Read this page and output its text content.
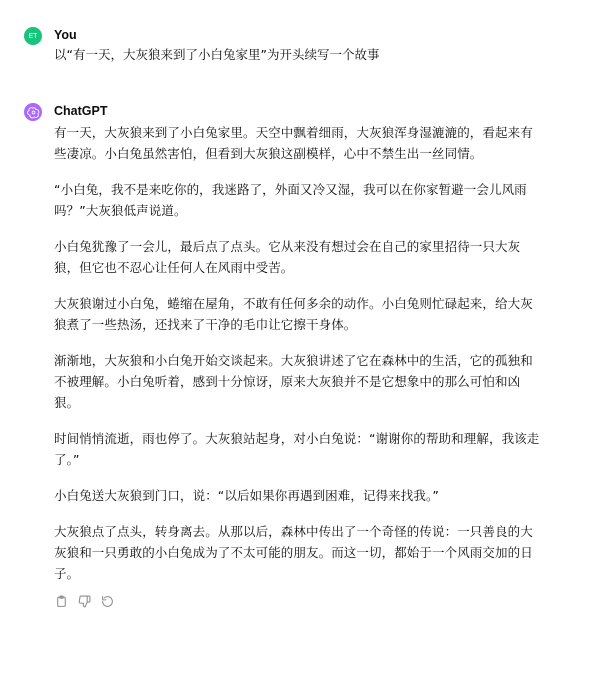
ET You
以“有一天，大灰狼来到了小白兔家里”为开头续写一个故事
ChatGPT

有一天，大灰狼来到了小白兔家里。天空中飘着细雨，大灰狼浑身湿漉漉的，看起来有些凄凉。小白兔虽然害怕，但看到大灰狼这副模样，心中不禁生出一丝同情。

“小白兔，我不是来吃你的，我迷路了，外面又冷又湿，我可以在你家暂避一会儿风雨吗？”大灰狼低声说道。

小白兔犹豫了一会儿，最后点了点头。它从来没有想过会在自己的家里招待一只大灰狼，但它也不忍心让任何人在风雨中受苦。

大灰狼谢过小白兔，蜷缩在屋角，不敢有任何多余的动作。小白兔则忙碌起来，给大灰狼煮了一些热汤，还找来了干净的毛巾让它擦干身体。

渐渐地，大灰狼和小白兔开始交谈起来。大灰狼讲述了它在森林中的生活，它的孤独和不被理解。小白兔听着，感到十分惊讶，原来大灰狼并不是它想象中的那么可怕和凶狠。

时间悄悄流逝，雨也停了。大灰狼站起身，对小白兔说：“谢谢你的帮助和理解，我该走了。”

小白兔送大灰狼到门口，说：“以后如果你再遇到困难，记得来找我。”

大灰狼点了点头，转身离去。从那以后，森林中传出了一个奇怪的传说：一只善良的大灰狼和一只勇敢的小白兔成为了不太可能的朋友。而这一切，都始于一个风雨交加的日子。
